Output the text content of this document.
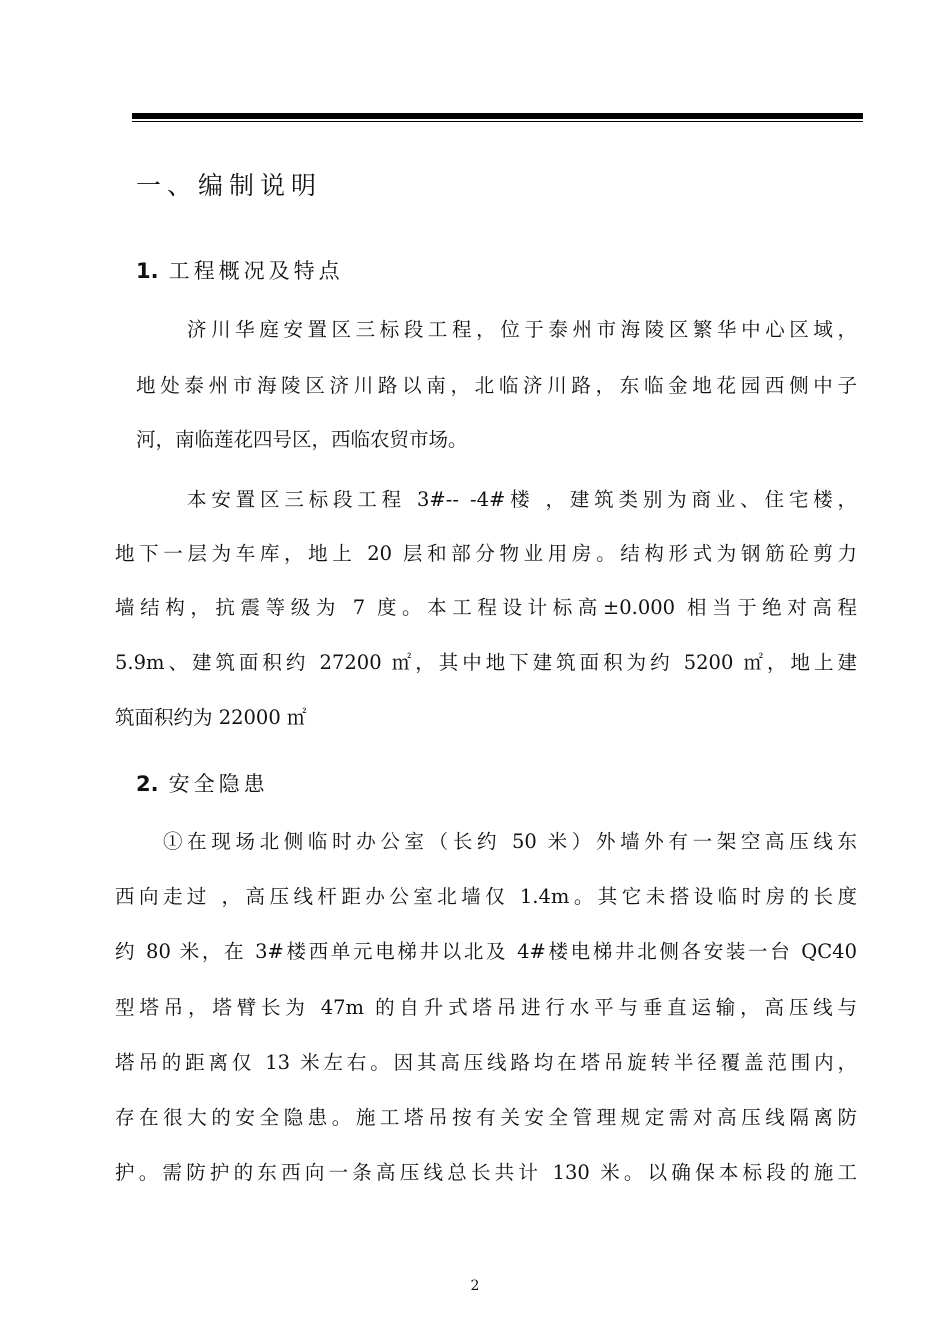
一、编制说明
1. 工程概况及特点
济川华庭安置区三标段工程，位于泰州市海陵区繁华中心区域，
地处泰州市海陵区济川路以南，北临济川路，东临金地花园西侧中子
河，南临莲花四号区，西临农贸市场。
本安置区三标段工程 3#-- -4#楼 ，建筑类别为商业、住宅楼，
地下一层为车库，地上 20 层和部分物业用房。结构形式为钢筋砼剪力
墙结构，抗震等级为 7 度。本工程设计标高±0.000 相当于绝对高程
5.9m、建筑面积约 27200 ㎡，其中地下建筑面积为约 5200 ㎡，地上建
筑面积约为 22000 ㎡
2. 安全隐患
①在现场北侧临时办公室（长约 50 米）外墙外有一架空高压线东
西向走过 ，高压线杆距办公室北墙仅 1.4m。其它未搭设临时房的长度
约 80 米，在 3#楼西单元电梯井以北及 4#楼电梯井北侧各安装一台 QC40
型塔吊，塔臂长为 47m 的自升式塔吊进行水平与垂直运输，高压线与
塔吊的距离仅 13 米左右。因其高压线路均在塔吊旋转半径覆盖范围内，
存在很大的安全隐患。施工塔吊按有关安全管理规定需对高压线隔离防
护。需防护的东西向一条高压线总长共计 130 米。以确保本标段的施工
2
